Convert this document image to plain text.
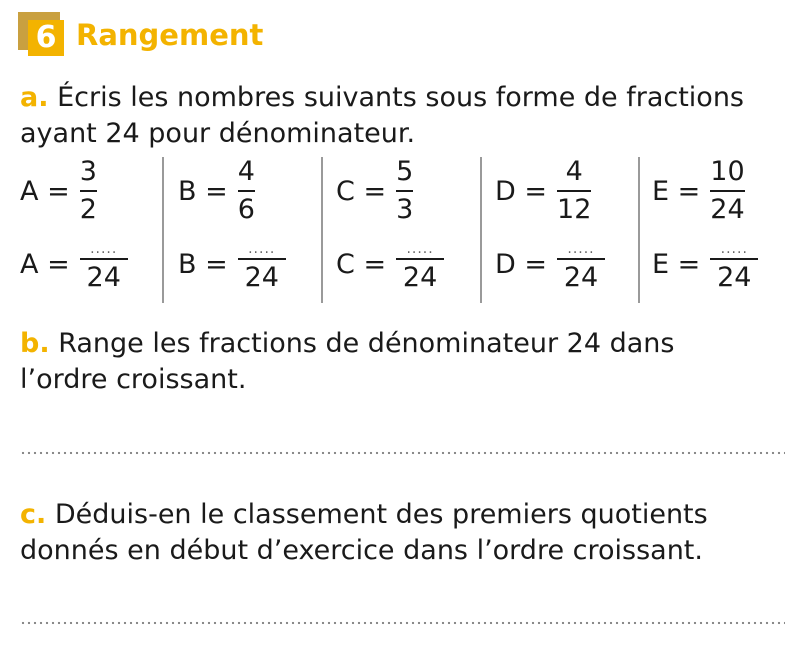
6 Rangement
a. Écris les nombres suivants sous forme de fractions
ayant 24 pour dénominateur.
A
= $\frac{3}{2}$
A
= $\frac{.....}{24}$
B
= $\frac{4}{6}$
B
= $\frac{.....}{24}$
C
= $\frac{5}{3}$
C
= $\frac{.....}{24}$
D
= $\frac{4}{12}$
D
= $\frac{.....}{24}$
E
= $\frac{10}{24}$
E
= $\frac{.....}{24}$
b. Range les fractions de dénominateur 24 dans
l’ordre croissant.
c. Déduis-en le classement des premiers quotients
donnés en début d’exercice dans l’ordre croissant.
